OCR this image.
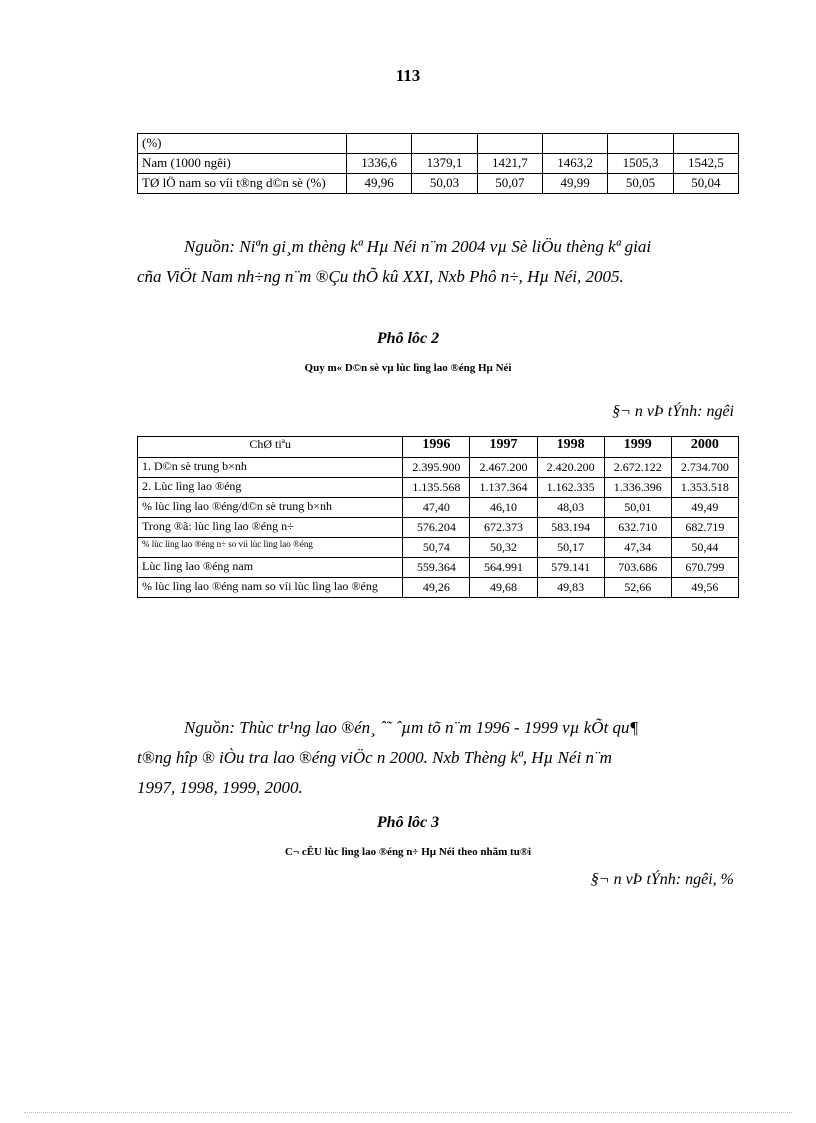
113
(%)						
Nam (1000 ngêi)	1336,6	1379,1	1421,7	1463,2	1505,3	1542,5
TØ lÖ nam so víi t®ng d©n sè (%)	49,96	50,03	50,07	49,99	50,05	50,04
Nguồn: Niªn gi¸m thèng kª Hµ Néi n¨m 2004 vµ Sè liÖu thèng kª giai
cña ViÖt Nam nh÷ng n¨m ®Çu thÕ kû XXI, Nxb Phô n÷, Hµ Néi, 2005.
Phô lôc 2
Quy m« D©n sè vµ lùc lìng lao ®éng Hµ Néi
§¬ n vÞ tÝnh: ngêi
ChØ tiªu	1996	1997	1998	1999	2000
1. D©n sè trung b×nh	2.395.900	2.467.200	2.420.200	2.672.122	2.734.700
2. Lùc lìng lao ®éng	1.135.568	1.137.364	1.162.335	1.336.396	1.353.518
% lùc lìng lao ®éng/d©n sè trung b×nh	47,40	46,10	48,03	50,01	49,49
Trong ®ã: lùc lìng lao ®éng n÷	576.204	672.373	583.194	632.710	682.719
% lùc lìng lao ®éng n÷ so víi lùc lìng lao ®éng	50,74	50,32	50,17	47,34	50,44
Lùc lìng lao ®éng nam	559.364	564.991	579.141	703.686	670.799
% lùc lìng lao ®éng nam so víi lùc lìng lao ®éng	49,26	49,68	49,83	52,66	49,56
Nguồn: Thùc tr¹ng lao ®én¸ ˆ˜ ˆµm tõ n¨m 1996 - 1999 vµ kÕt qu¶
t®ng hîp ® iÒu tra lao ®éng viÖc n 2000. Nxb Thèng kª, Hµ Néi n¨m
1997, 1998, 1999, 2000.
Phô lôc 3
C¬ cÊU lùc lìng lao ®éng n÷ Hµ Néi theo nhãm tu®i
§¬ n vÞ tÝnh: ngêi, %
